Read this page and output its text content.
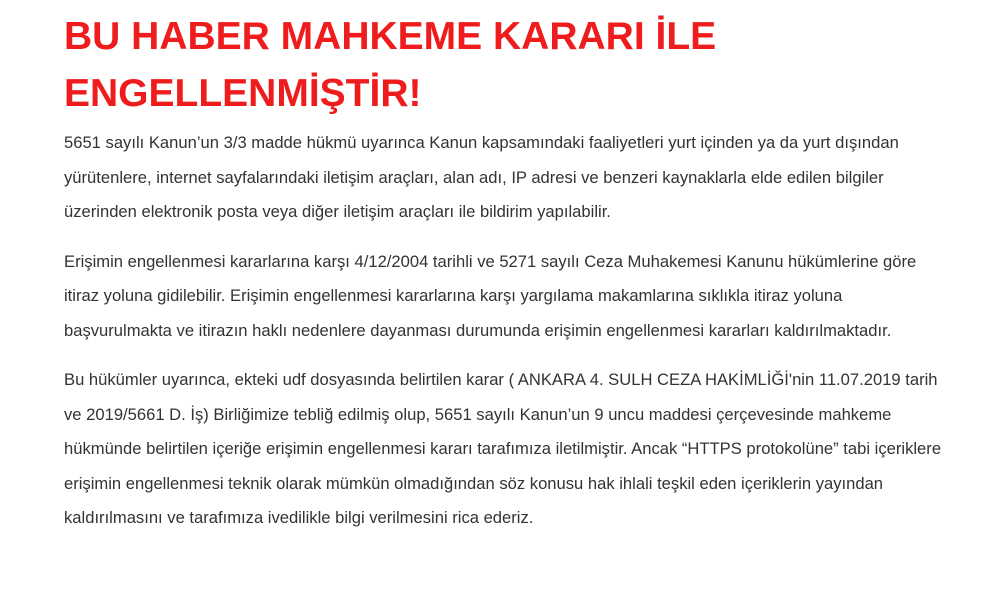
BU HABER MAHKEME KARARI İLE
ENGELLENMİŞTİR!

5651 sayılı Kanun’un 3/3 madde hükmü uyarınca Kanun kapsamındaki faaliyetleri yurt içinden ya da yurt dışından yürütenlere, internet sayfalarındaki iletişim araçları, alan adı, IP adresi ve benzeri kaynaklarla elde edilen bilgiler üzerinden elektronik posta veya diğer iletişim araçları ile bildirim yapılabilir.

Erişimin engellenmesi kararlarına karşı 4/12/2004 tarihli ve 5271 sayılı Ceza Muhakemesi Kanunu hükümlerine göre itiraz yoluna gidilebilir. Erişimin engellenmesi kararlarına karşı yargılama makamlarına sıklıkla itiraz yoluna başvurulmakta ve itirazın haklı nedenlere dayanması durumunda erişimin engellenmesi kararları kaldırılmaktadır.

Bu hükümler uyarınca, ekteki udf dosyasında belirtilen karar ( ANKARA 4. SULH CEZA HAKİMLİĞİ'nin 11.07.2019 tarih ve 2019/5661 D. İş) Birliğimize tebliğ edilmiş olup, 5651 sayılı Kanun’un 9 uncu maddesi çerçevesinde mahkeme hükmünde belirtilen içeriğe erişimin engellenmesi kararı tarafımıza iletilmiştir. Ancak “HTTPS protokolüne” tabi içeriklere erişimin engellenmesi teknik olarak mümkün olmadığından söz konusu hak ihlali teşkil eden içeriklerin yayından kaldırılmasını ve tarafımıza ivedilikle bilgi verilmesini rica ederiz.
